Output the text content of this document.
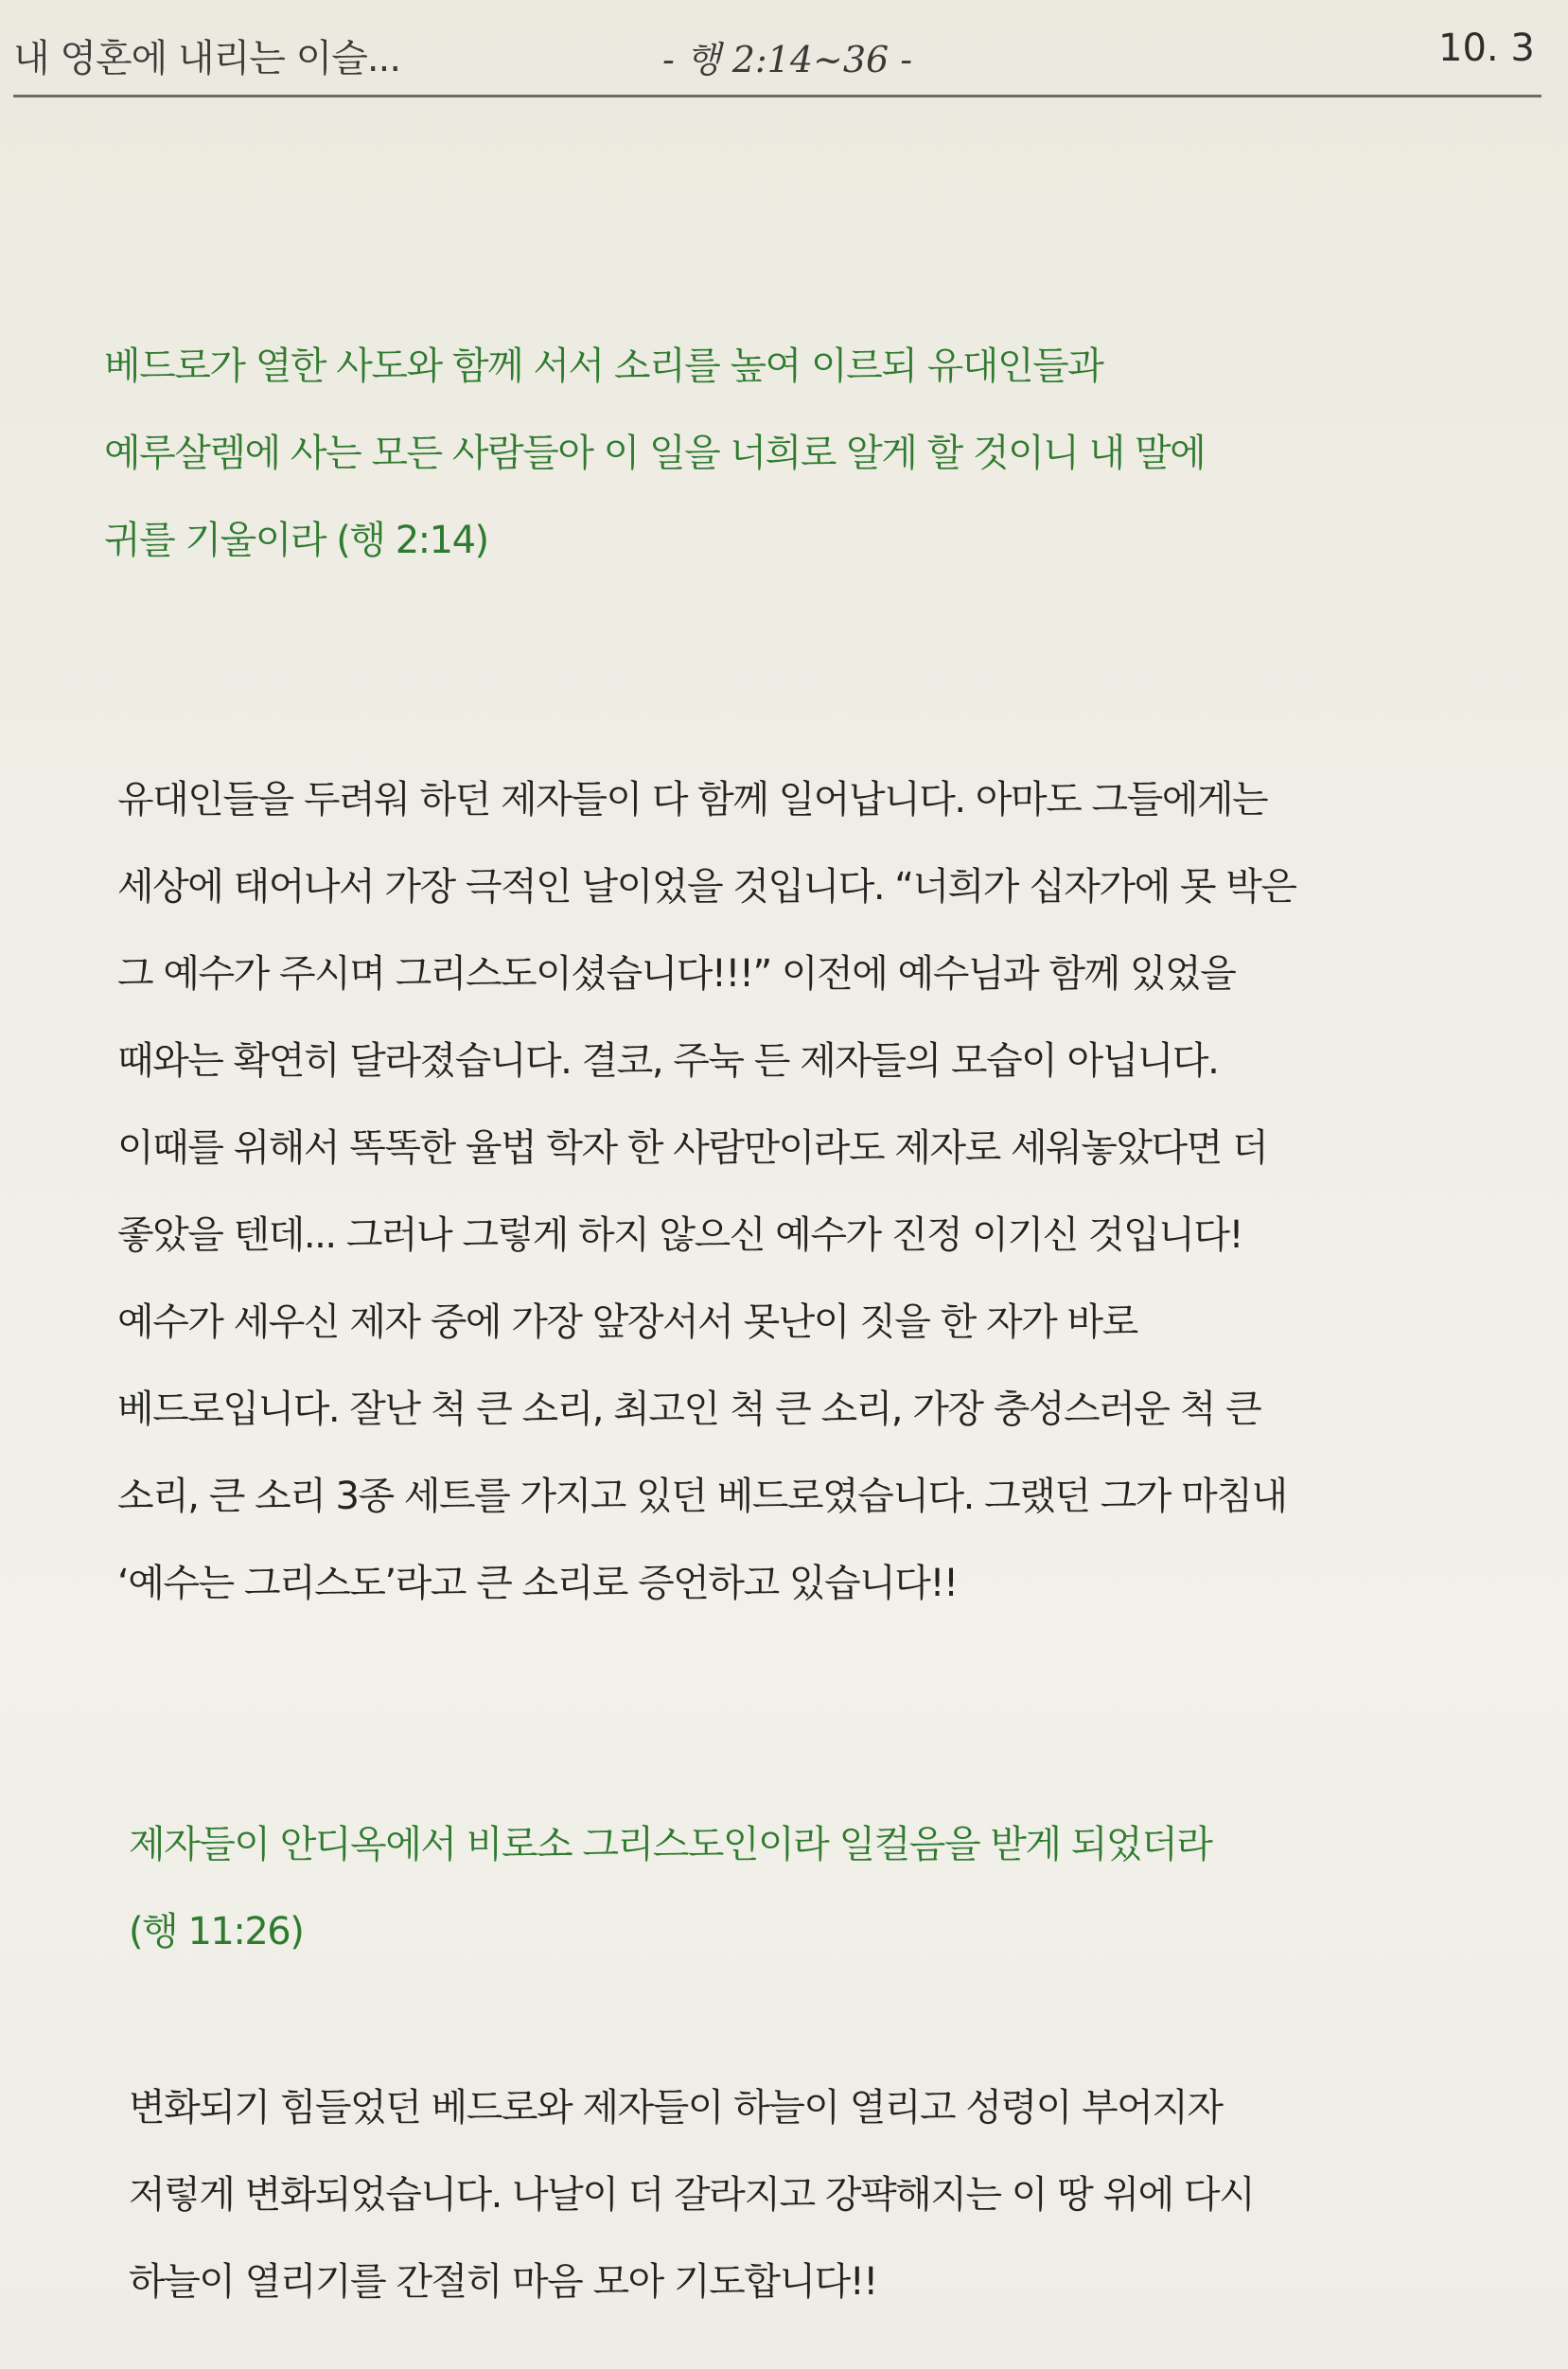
내 영혼에 내리는 이슬...	- 행 2:14~36 -	10. 3
베드로가 열한 사도와 함께 서서 소리를 높여 이르되 유대인들과
예루살렘에 사는 모든 사람들아 이 일을 너희로 알게 할 것이니 내 말에
귀를 기울이라 (행 2:14)
유대인들을 두려워 하던 제자들이 다 함께 일어납니다. 아마도 그들에게는
세상에 태어나서 가장 극적인 날이었을 것입니다. “너희가 십자가에 못 박은
그 예수가 주시며 그리스도이셨습니다!!!” 이전에 예수님과 함께 있었을
때와는 확연히 달라졌습니다. 결코, 주눅 든 제자들의 모습이 아닙니다.
이때를 위해서 똑똑한 율법 학자 한 사람만이라도 제자로 세워놓았다면 더
좋았을 텐데... 그러나 그렇게 하지 않으신 예수가 진정 이기신 것입니다!
예수가 세우신 제자 중에 가장 앞장서서 못난이 짓을 한 자가 바로
베드로입니다. 잘난 척 큰 소리, 최고인 척 큰 소리, 가장 충성스러운 척 큰
소리, 큰 소리 3종 세트를 가지고 있던 베드로였습니다. 그랬던 그가 마침내
‘예수는 그리스도’라고 큰 소리로 증언하고 있습니다!!
제자들이 안디옥에서 비로소 그리스도인이라 일컬음을 받게 되었더라
(행 11:26)
변화되기 힘들었던 베드로와 제자들이 하늘이 열리고 성령이 부어지자
저렇게 변화되었습니다. 나날이 더 갈라지고 강퍅해지는 이 땅 위에 다시
하늘이 열리기를 간절히 마음 모아 기도합니다!!
